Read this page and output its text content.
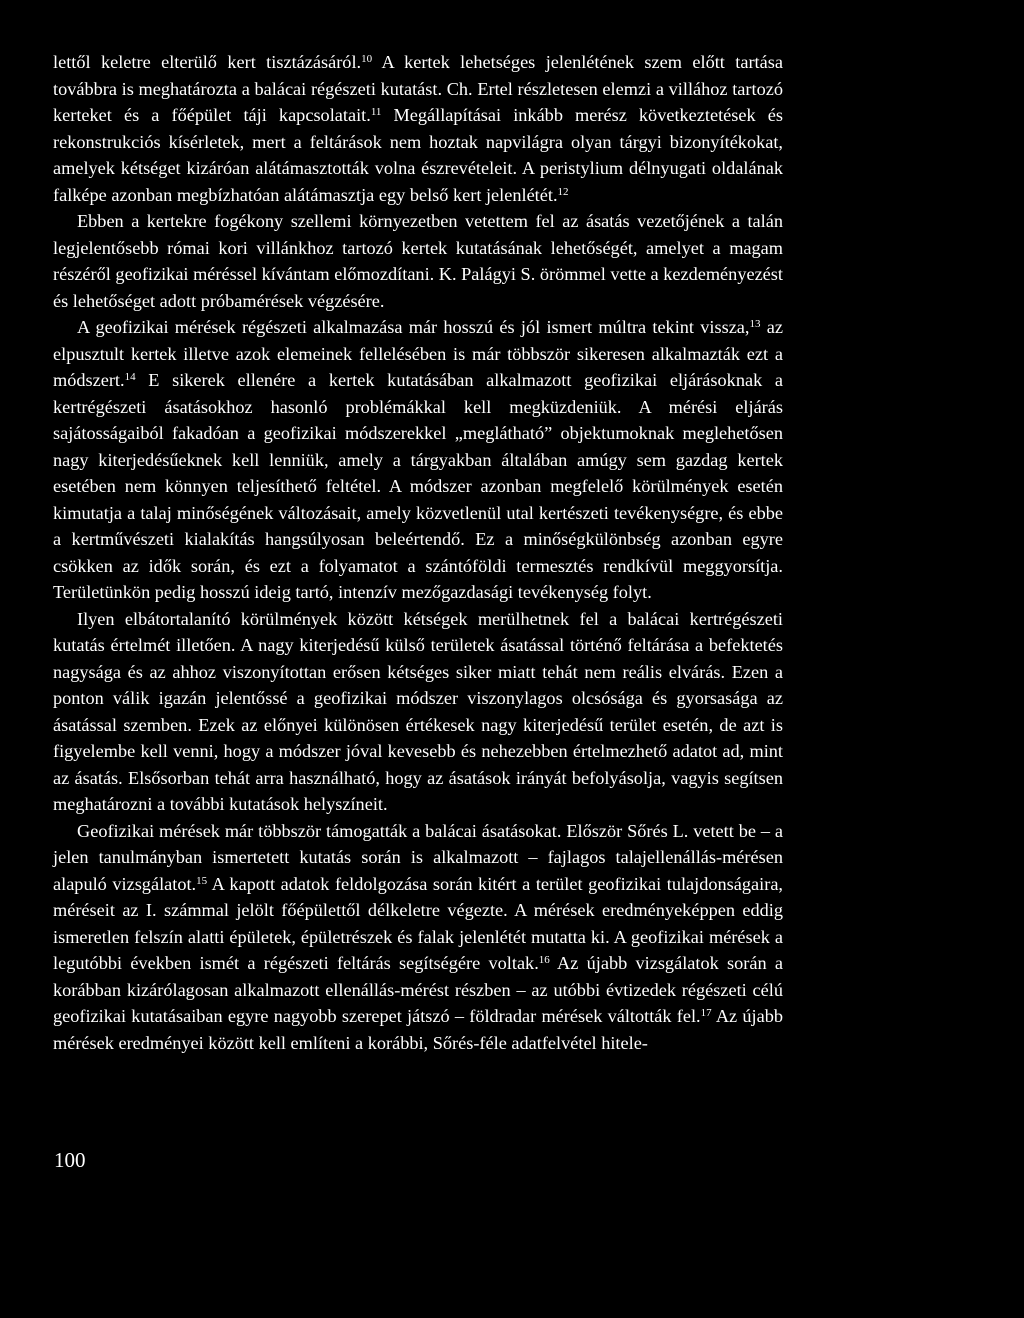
lettől keletre elterülő kert tisztázásáról.$^{10}$ A kertek lehetséges jelenlétének szem előtt tartása továbbra is meghatározta a balácai régészeti kutatást. Ch. Ertel részletesen elemzi a villához tartozó kerteket és a főépület táji kapcsolatait.$^{11}$ Megállapításai inkább merész következtetések és rekonstrukciós kísérletek, mert a feltárások nem hoztak napvilágra olyan tárgyi bizonyítékokat, amelyek kétséget kizáróan alátámasztották volna észrevételeit. A peristylium délnyugati oldalának falképe azonban megbízhatóan alátámasztja egy belső kert jelenlétét.$^{12}$

Ebben a kertekre fogékony szellemi környezetben vetettem fel az ásatás vezetőjének a talán legjelentősebb római kori villánkhoz tartozó kertek kutatásának lehetőségét, amelyet a magam részéről geofizikai méréssel kívántam előmozdítani. K. Palágyi S. örömmel vette a kezdeményezést és lehetőséget adott próbamérések végzésére.

A geofizikai mérések régészeti alkalmazása már hosszú és jól ismert múltra tekint vissza,$^{13}$ az elpusztult kertek illetve azok elemeinek fellelésében is már többször sikeresen alkalmazták ezt a módszert.$^{14}$ E sikerek ellenére a kertek kutatásában alkalmazott geofizikai eljárásoknak a kertrégészeti ásatásokhoz hasonló problémákkal kell megküzdeniük. A mérési eljárás sajátosságaiból fakadóan a geofizikai módszerekkel „meglátható” objektumoknak meglehetősen nagy kiterjedésűeknek kell lenniük, amely a tárgyakban általában amúgy sem gazdag kertek esetében nem könnyen teljesíthető feltétel. A módszer azonban megfelelő körülmények esetén kimutatja a talaj minőségének változásait, amely közvetlenül utal kertészeti tevékenységre, és ebbe a kertművészeti kialakítás hangsúlyosan beleértendő. Ez a minőségkülönbség azonban egyre csökken az idők során, és ezt a folyamatot a szántóföldi termesztés rendkívül meggyorsítja. Területünkön pedig hosszú ideig tartó, intenzív mezőgazdasági tevékenység folyt.

Ilyen elbátortalanító körülmények között kétségek merülhetnek fel a balácai kertrégészeti kutatás értelmét illetően. A nagy kiterjedésű külső területek ásatással történő feltárása a befektetés nagysága és az ahhoz viszonyítottan erősen kétséges siker miatt tehát nem reális elvárás. Ezen a ponton válik igazán jelentőssé a geofizikai módszer viszonylagos olcsósága és gyorsasága az ásatással szemben. Ezek az előnyei különösen értékesek nagy kiterjedésű terület esetén, de azt is figyelembe kell venni, hogy a módszer jóval kevesebb és nehezebben értelmezhető adatot ad, mint az ásatás. Elsősorban tehát arra használható, hogy az ásatások irányát befolyásolja, vagyis segítsen meghatározni a további kutatások helyszíneit.

Geofizikai mérések már többször támogatták a balácai ásatásokat. Először Sőrés L. vetett be – a jelen tanulmányban ismertetett kutatás során is alkalmazott – fajlagos talajellenállás-mérésen alapuló vizsgálatot.$^{15}$ A kapott adatok feldolgozása során kitért a terület geofizikai tulajdonságaira, méréseit az I. számmal jelölt főépülettől délkeletre végezte. A mérések eredményeképpen eddig ismeretlen felszín alatti épületek, épületrészek és falak jelenlétét mutatta ki. A geofizikai mérések a legutóbbi években ismét a régészeti feltárás segítségére voltak.$^{16}$ Az újabb vizsgálatok során a korábban kizárólagosan alkalmazott ellenállás-mérést részben – az utóbbi évtizedek régészeti célú geofizikai kutatásaiban egyre nagyobb szerepet játszó – földradar mérések váltották fel.$^{17}$ Az újabb mérések eredményei között kell említeni a korábbi, Sőrés-féle adatfelvétel hitele-

100
